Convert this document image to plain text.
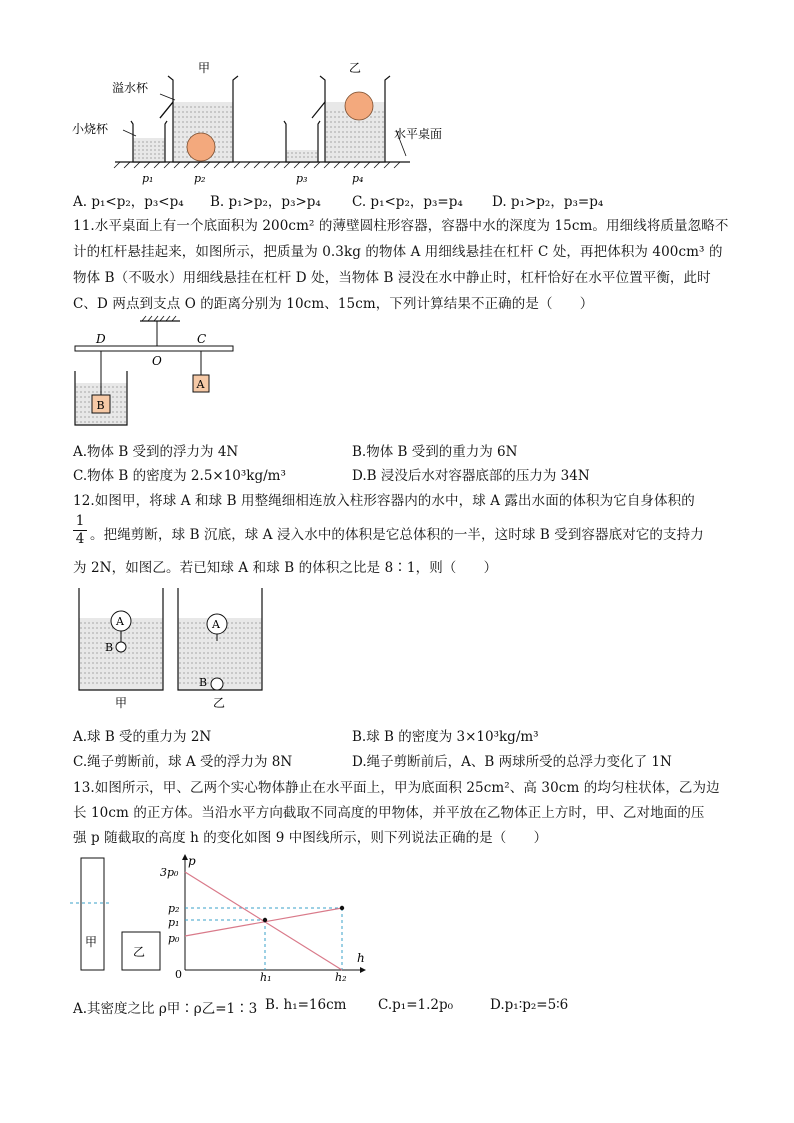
甲	乙
溢水杯
小烧杯	水平桌面
p₁	p₂	p₃	p₄
A. p₁<p₂，p₃<p₄ B. p₁>p₂，p₃>p₄ C. p₁<p₂，p₃=p₄ D. p₁>p₂，p₃=p₄
11.水平桌面上有一个底面积为 200cm² 的薄壁圆柱形容器，容器中水的深度为 15cm。用细线将质量忽略不
计的杠杆悬挂起来，如图所示，把质量为 0.3kg 的物体 A 用细线悬挂在杠杆 C 处，再把体积为 400cm³ 的
物体 B（不吸水）用细线悬挂在杠杆 D 处，当物体 B 浸没在水中静止时，杠杆恰好在水平位置平衡，此时
C、D 两点到支点 O 的距离分别为 10cm、15cm，下列计算结果不正确的是（　　）
D
O
C
A
B
A.物体 B 受到的浮力为 4N	B.物体 B 受到的重力为 6N
C.物体 B 的密度为 2.5×10³kg/m³	D.B 浸没后水对容器底部的压力为 34N
12.如图甲，将球 A 和球 B 用整绳细相连放入柱形容器内的水中，球 A 露出水面的体积为它自身体积的
$\frac{1}{4}$ 。把绳剪断，球 B 沉底，球 A 浸入水中的体积是它总体积的一半，这时球 B 受到容器底对它的支持力
为 2N，如图乙。若已知球 A 和球 B 的体积之比是 8∶1，则（　　）
A
B
A
B
甲	乙
A.球 B 受的重力为 2N	B.球 B 的密度为 3×10³kg/m³
C.绳子剪断前，球 A 受的浮力为 8N	D.绳子剪断前后，A、B 两球所受的总浮力变化了 1N
13.如图所示，甲、乙两个实心物体静止在水平面上，甲为底面积 25cm²、高 30cm 的均匀柱状体，乙为边
长 10cm 的正方体。当沿水平方向截取不同高度的甲物体，并平放在乙物体正上方时，甲、乙对地面的压
强 p 随截取的高度 h 的变化如图 9 中图线所示，则下列说法正确的是（　　）
甲
乙
p
h
0
3p₀
p₂
p₁
p₀
h₁	h₂
A.其密度之比 ρ甲∶ρ乙=1∶3 B. h₁=16cm C.p₁=1.2p₀	D.p₁∶p₂=5∶6
